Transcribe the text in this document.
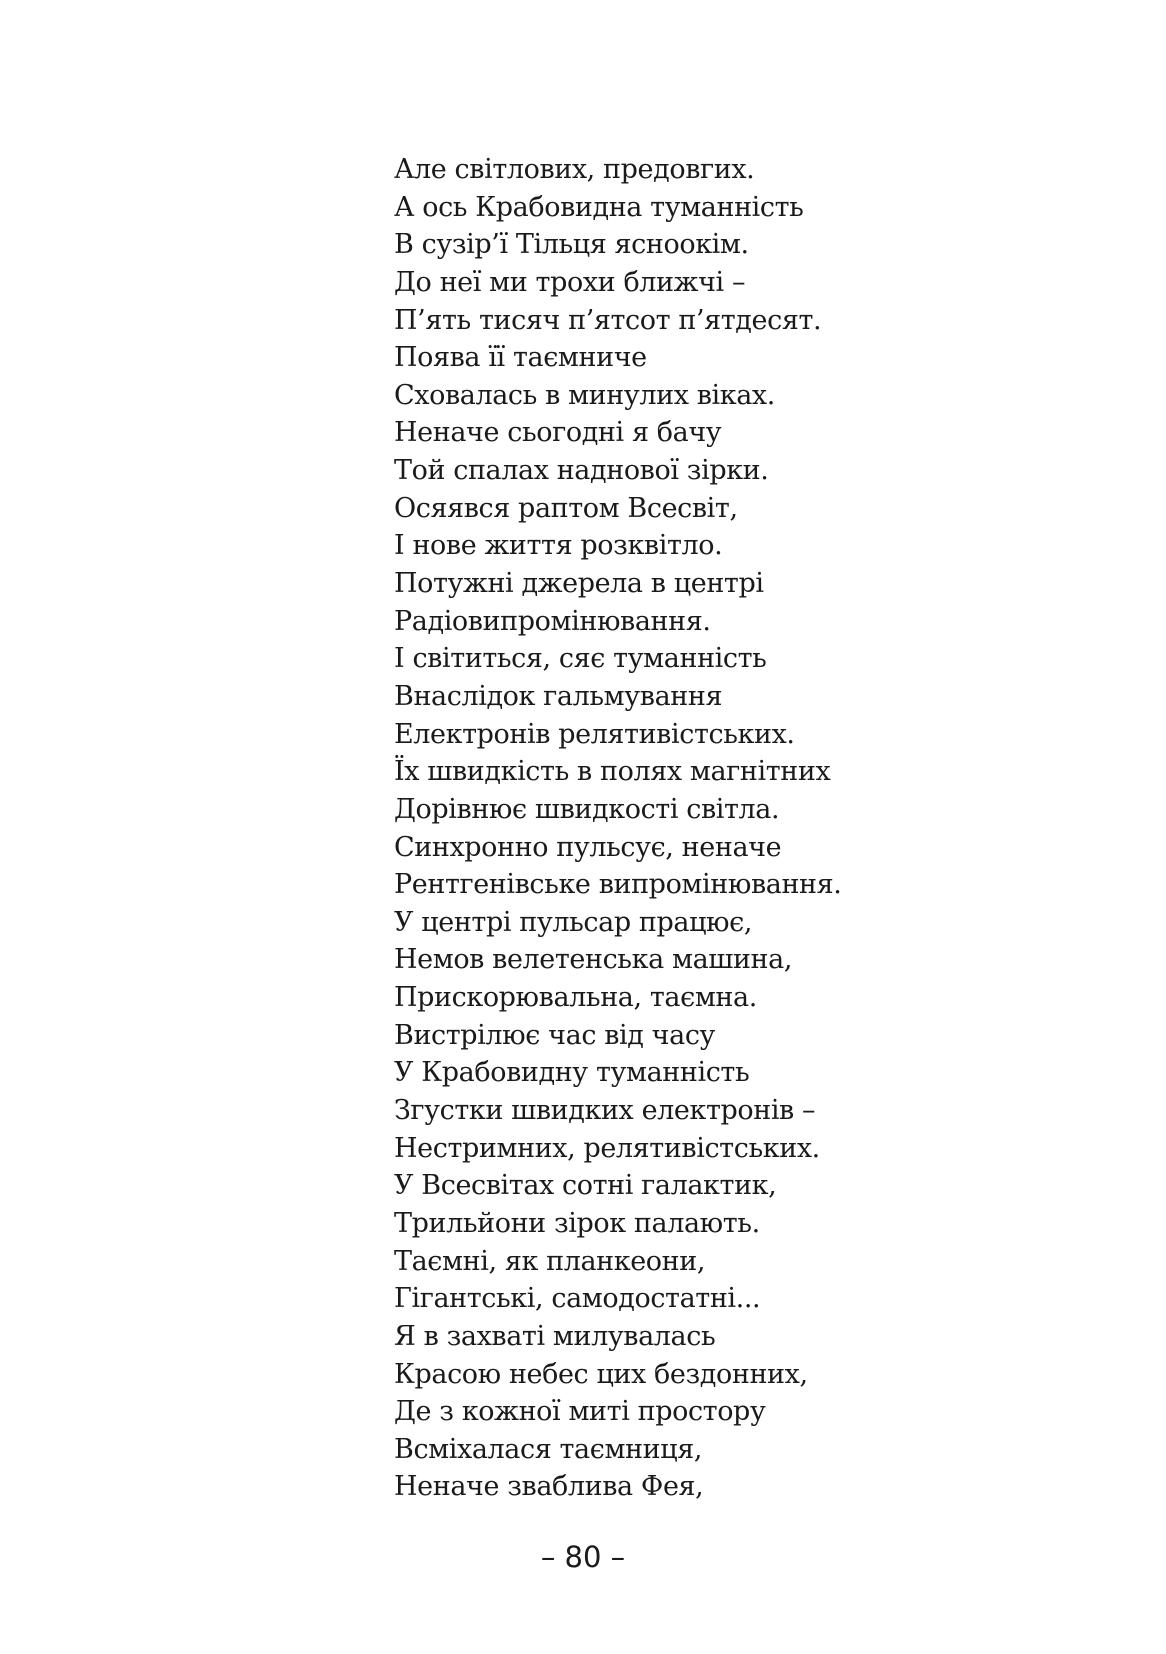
Але світлових, предовгих.
А ось Крабовидна туманність
В сузір’ї Тільця ясноокім.
До неї ми трохи ближчі –
П’ять тисяч п’ятсот п’ятдесят.
Поява її таємниче
Сховалась в минулих віках.
Неначе сьогодні я бачу
Той спалах наднової зірки.
Осяявся раптом Всесвіт,
І нове життя розквітло.
Потужні джерела в центрі
Радіовипромінювання.
І світиться, сяє туманність
Внаслідок гальмування
Електронів релятивістських.
Їх швидкість в полях магнітних
Дорівнює швидкості світла.
Синхронно пульсує, неначе
Рентгенівське випромінювання.
У центрі пульсар працює,
Немов велетенська машина,
Прискорювальна, таємна.
Вистрілює час від часу
У Крабовидну туманність
Згустки швидких електронів –
Нестримних, релятивістських.
У Всесвітах сотні галактик,
Трильйони зірок палають.
Таємні, як планкеони,
Гігантські, самодостатні...
Я в захваті милувалась
Красою небес цих бездонних,
Де з кожної миті простору
Всміхалася таємниця,
Неначе зваблива Фея,
– 80 –
